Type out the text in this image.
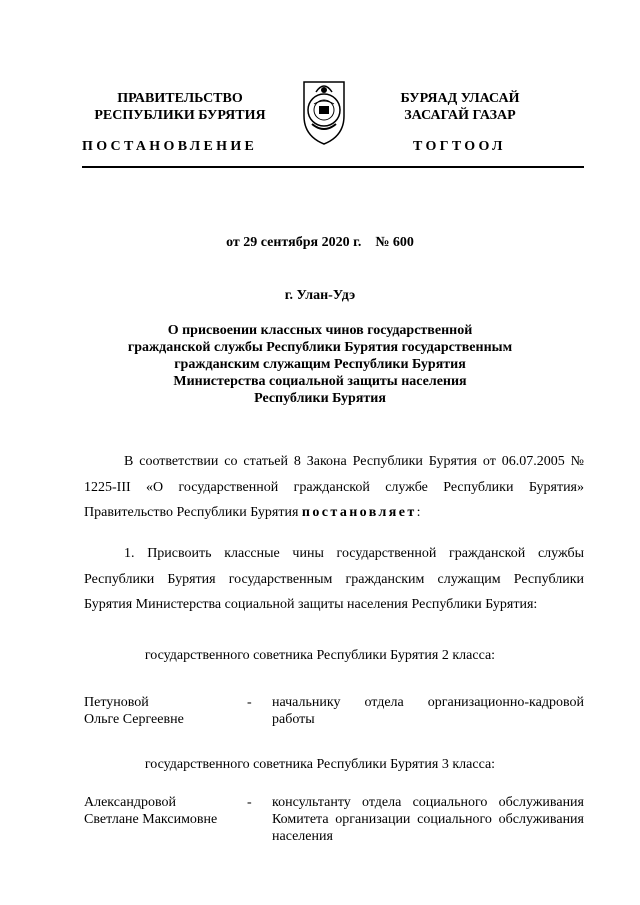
ПРАВИТЕЛЬСТВО
РЕСПУБЛИКИ БУРЯТИЯ
БУРЯАД УЛАСАЙ
ЗАСАГАЙ ГАЗАР
ПОСТАНОВЛЕНИЕ	ТОГТООЛ
от 29 сентября 2020 г. № 600
г. Улан-Удэ
О присвоении классных чинов государственной
гражданской службы Республики Бурятия государственным
гражданским служащим Республики Бурятия
Министерства социальной защиты населения
Республики Бурятия
В соответствии со статьей 8 Закона Республики Бурятия от 06.07.2005 № 1225-III «О государственной гражданской службе Республики Бурятия» Правительство Республики Бурятия постановляет:
1. Присвоить классные чины государственной гражданской службы Республики Бурятия государственным гражданским служащим Республики Бурятия Министерства социальной защиты населения Республики Бурятия:
государственного советника Республики Бурятия 2 класса:
Петуновой
Ольге Сергеевне
-	начальнику отдела организационно-кадровой работы
государственного советника Республики Бурятия 3 класса:
Александровой
Светлане Максимовне
-	консультанту отдела социального обслуживания Комитета организации социального обслуживания населения
